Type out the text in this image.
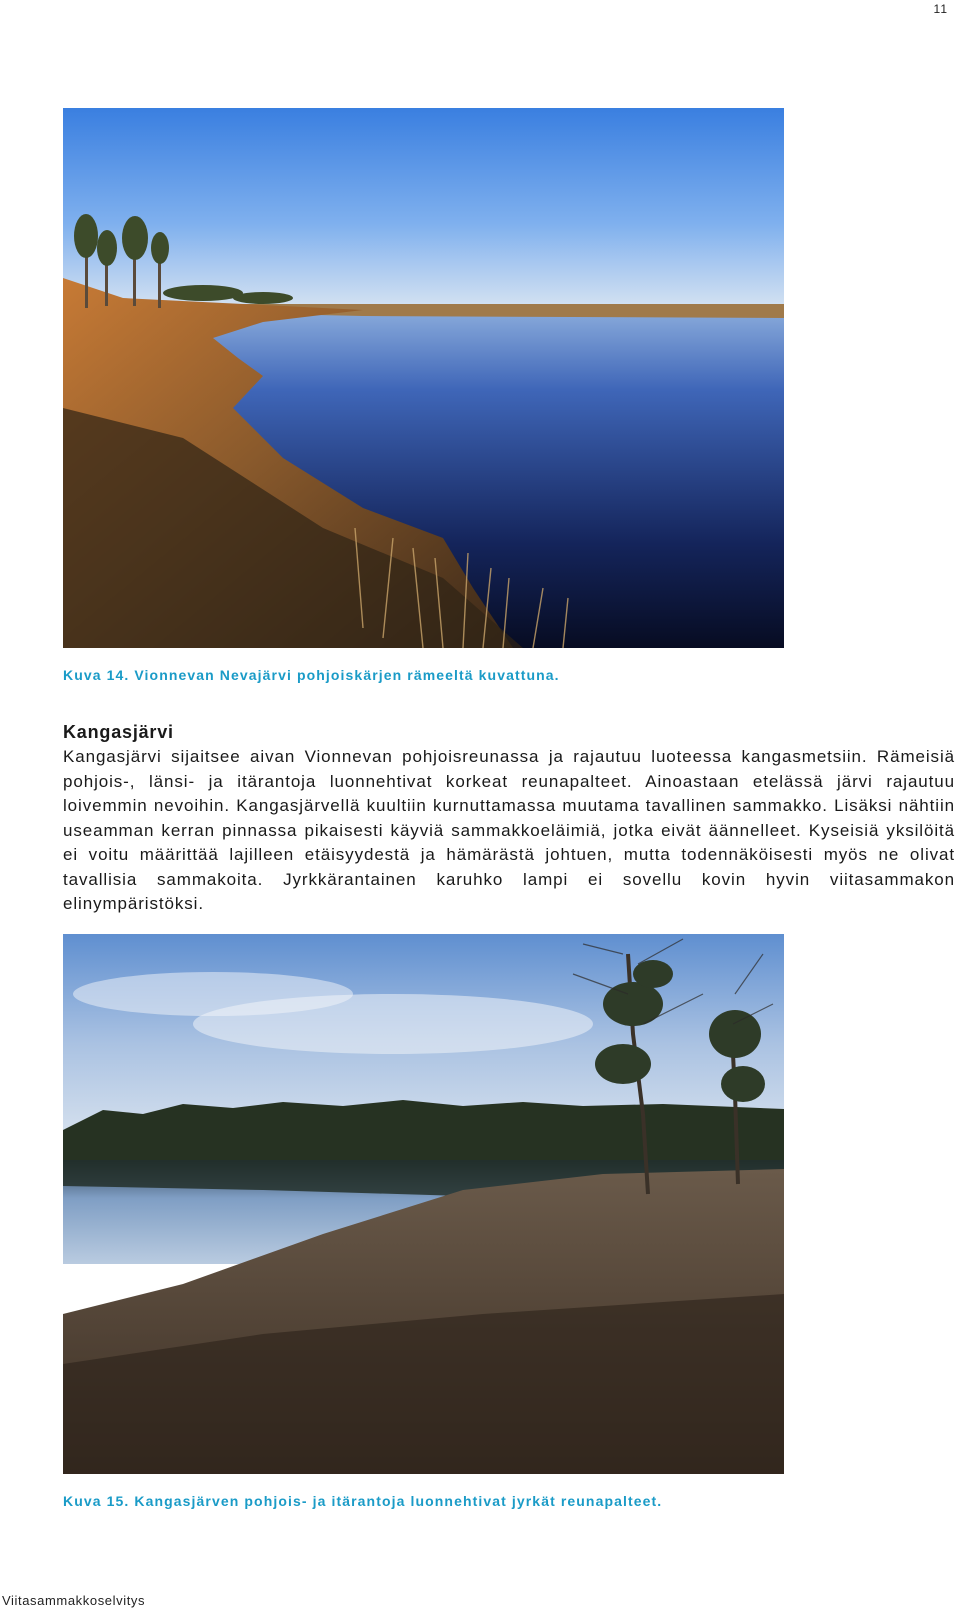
11
Kuva 14. Vionnevan Nevajärvi pohjoiskärjen rämeeltä kuvattuna.
Kangasjärvi

Kangasjärvi sijaitsee aivan Vionnevan pohjoisreunassa ja rajautuu luoteessa kangasmetsiin. Rämeisiä pohjois-, länsi- ja itärantoja luonnehtivat korkeat reunapalteet. Ainoastaan etelässä järvi rajautuu loivemmin nevoihin. Kangasjärvellä kuultiin kurnuttamassa muutama tavallinen sammakko. Lisäksi nähtiin useamman kerran pinnassa pikaisesti käyviä sammakkoeläimiä, jotka eivät äännelleet. Kyseisiä yksilöitä ei voitu määrittää lajilleen etäisyydestä ja hämärästä johtuen, mutta todennäköisesti myös ne olivat tavallisia sammakoita. Jyrkkärantainen karuhko lampi ei sovellu kovin hyvin viitasammakon elinympäristöksi.

Kuva 15. Kangasjärven pohjois- ja itärantoja luonnehtivat jyrkät reunapalteet.
Viitasammakkoselvitys
